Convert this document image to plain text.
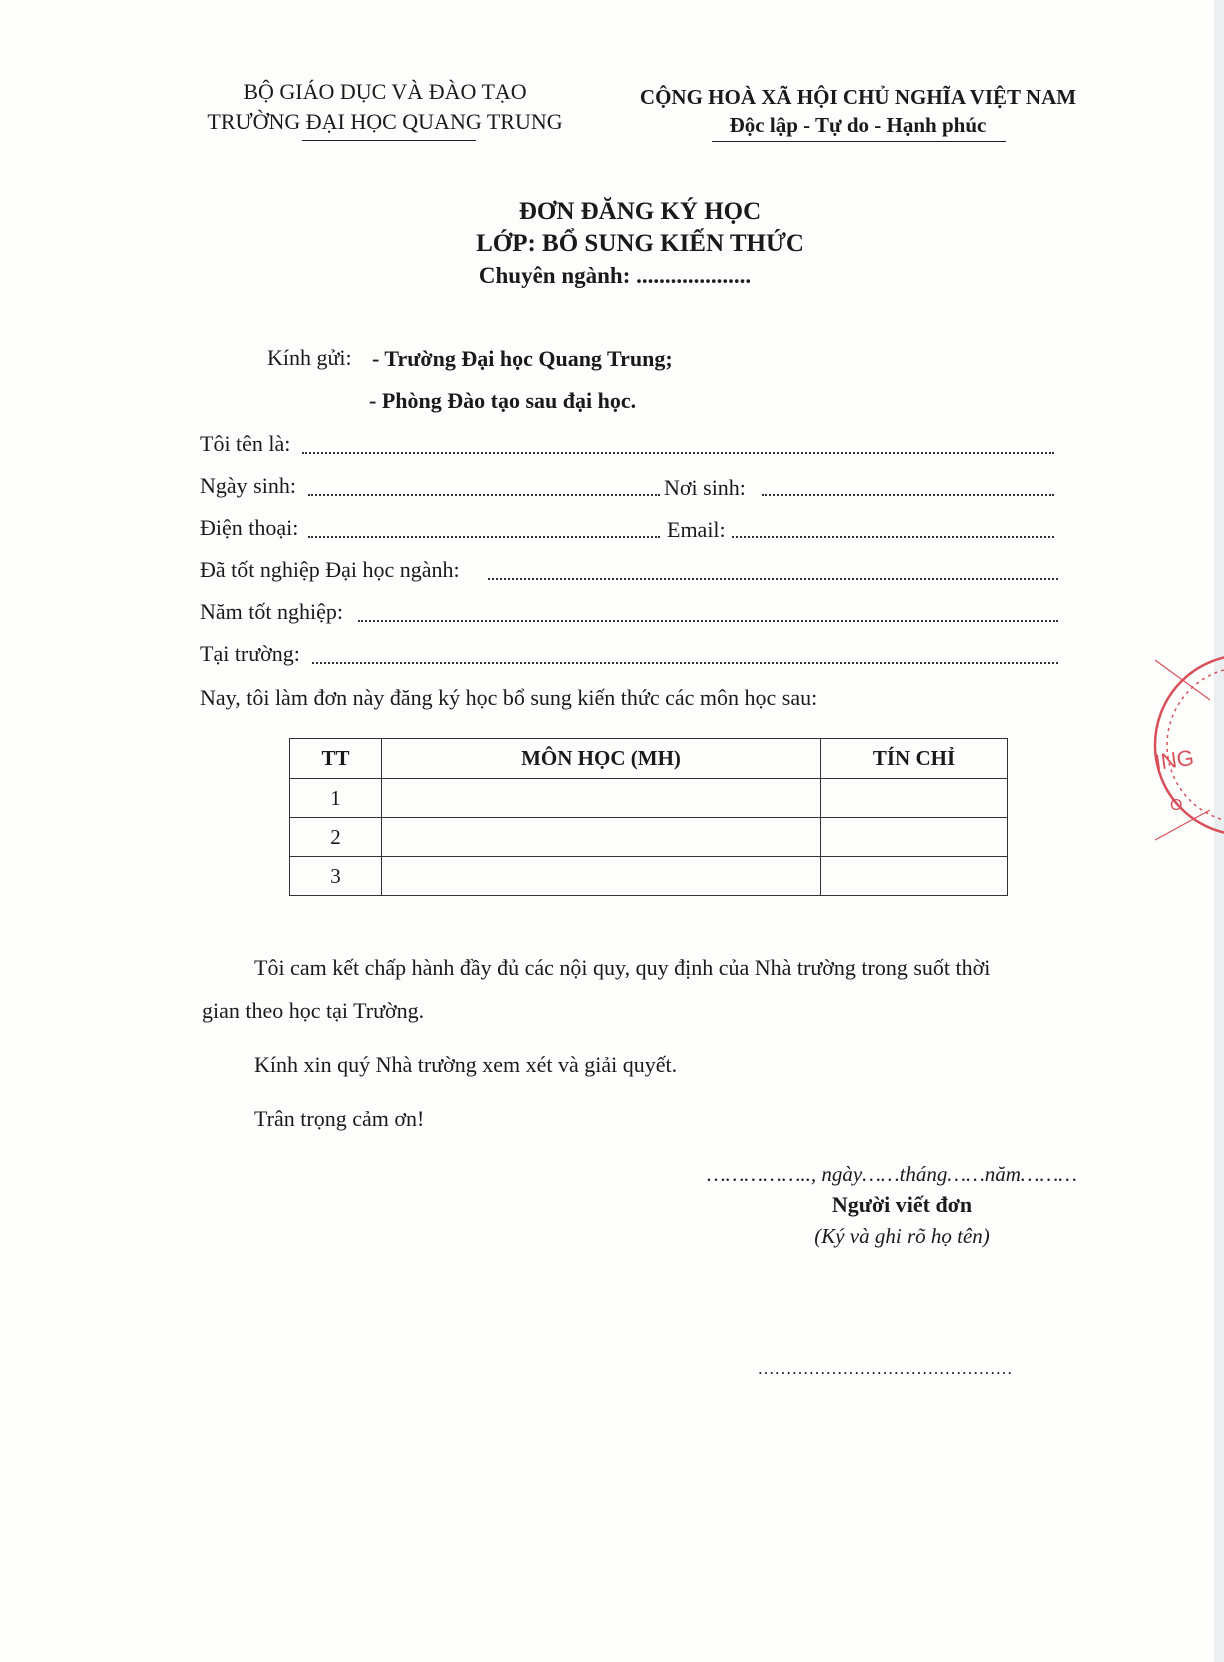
BỘ GIÁO DỤC VÀ ĐÀO TẠO
TRƯỜNG ĐẠI HỌC QUANG TRUNG
CỘNG HOÀ XÃ HỘI CHỦ NGHĨA VIỆT NAM
Độc lập - Tự do - Hạnh phúc
ĐƠN ĐĂNG KÝ HỌC
LỚP: BỔ SUNG KIẾN THỨC
Chuyên ngành: ....................
Kính gửi: - Trường Đại học Quang Trung;
- Phòng Đào tạo sau đại học.
Tôi tên là:
Ngày sinh:	Nơi sinh:
Điện thoại:	Email:
Đã tốt nghiệp Đại học ngành:
Năm tốt nghiệp:
Tại trường:
Nay, tôi làm đơn này đăng ký học bổ sung kiến thức các môn học sau:
TT	MÔN HỌC (MH)	TÍN CHỈ
1		
2		
3		
Tôi cam kết chấp hành đầy đủ các nội quy, quy định của Nhà trường trong suốt thời
gian theo học tại Trường.
Kính xin quý Nhà trường xem xét và giải quyết.
Trân trọng cảm ơn!
…………….., ngày……tháng……năm………
Người viết đơn
(Ký và ghi rõ họ tên)
………………………………………
ING
O
